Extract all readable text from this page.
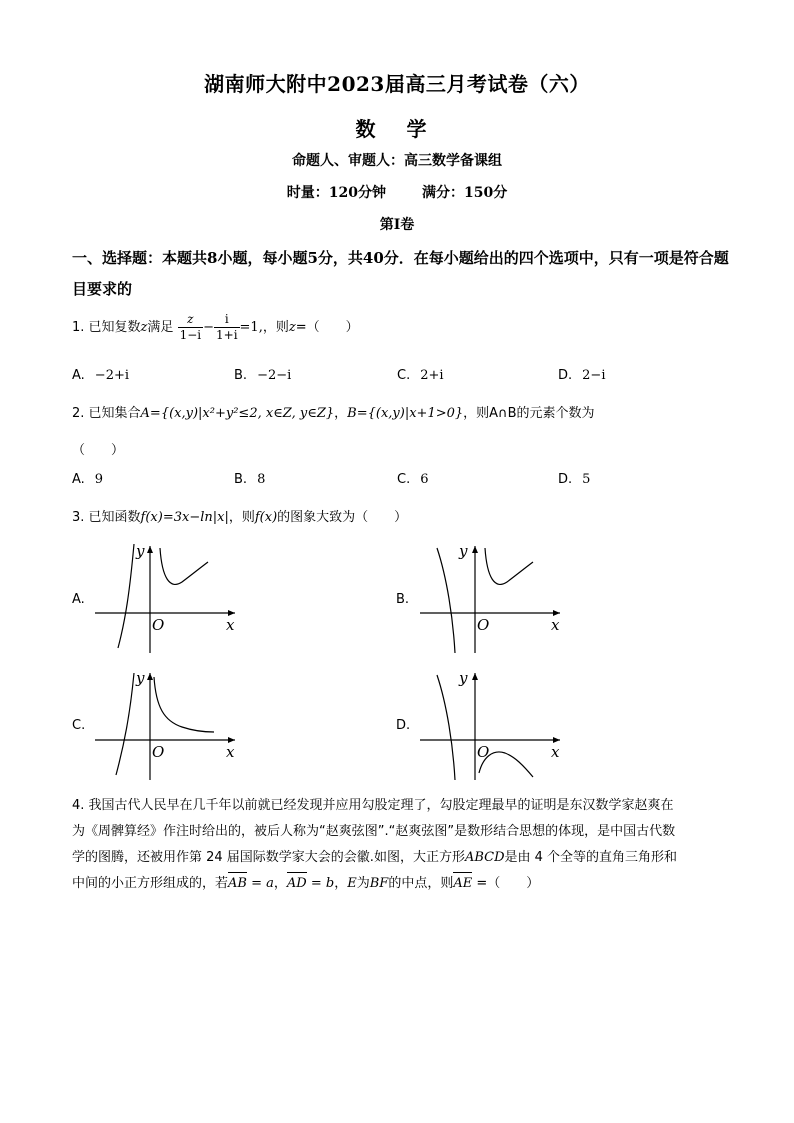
湖南师大附中2023届高三月考试卷（六）
数 学
命题人、审题人：高三数学备课组
时量：120分钟	满分：150分
第I卷
一、选择题：本题共8小题，每小题5分，共40分．在每小题给出的四个选项中，只有一项是符合题目要求的
1. 已知复数z满足 $\frac{z}{1-i} - \frac{i}{1+i} =1$,，则z=（　　）
A. −2+i	B. −2−i	C. 2+i	D. 2−i
2. 已知集合A={(x,y)|x²+y²≤2, x∈Z, y∈Z}，B={(x,y)|x+1>0}，则A∩B的元素个数为
（　　）
A. 9	B. 8	C. 6	D. 5
3. 已知函数f(x)=3x−ln|x|，则f(x)的图象大致为（　　）
A.
y
x
O
B.
y
x
O
C.
y
x
O
D.
y
x
O
4. 我国古代人民早在几千年以前就已经发现并应用勾股定理了，勾股定理最早的证明是东汉数学家赵爽在
为《周髀算经》作注时给出的，被后人称为“赵爽弦图”.“赵爽弦图”是数形结合思想的体现，是中国古代数
学的图腾，还被用作第 24 届国际数学家大会的会徽.如图，大正方形ABCD是由 4 个全等的直角三角形和
中间的小正方形组成的，若AB = a，AD = b，E为BF的中点，则AE =（　　）
